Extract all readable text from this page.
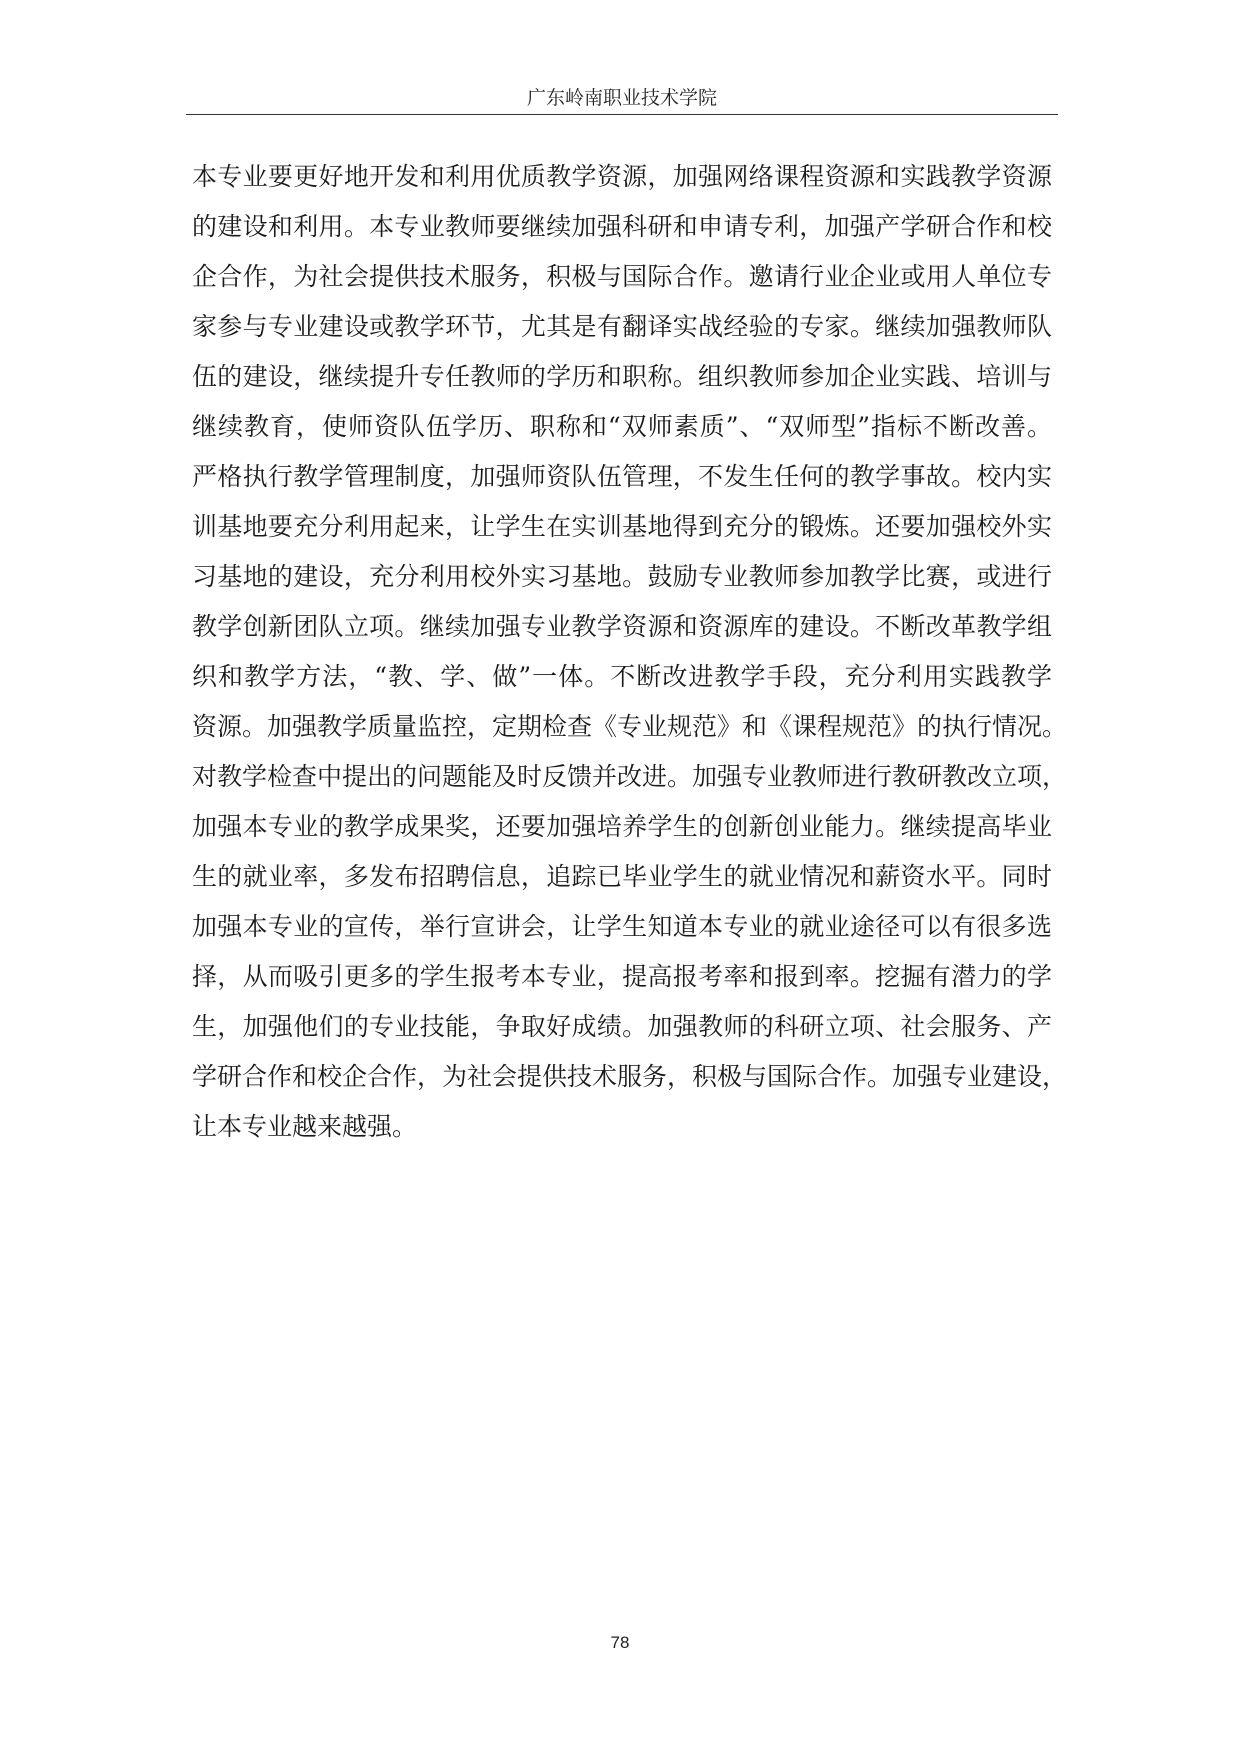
广东岭南职业技术学院
本专业要更好地开发和利用优质教学资源，加强网络课程资源和实践教学资源
的建设和利用。本专业教师要继续加强科研和申请专利，加强产学研合作和校
企合作，为社会提供技术服务，积极与国际合作。邀请行业企业或用人单位专
家参与专业建设或教学环节，尤其是有翻译实战经验的专家。继续加强教师队
伍的建设，继续提升专任教师的学历和职称。组织教师参加企业实践、培训与
继续教育，使师资队伍学历、职称和“双师素质”、“双师型”指标不断改善。
严格执行教学管理制度，加强师资队伍管理，不发生任何的教学事故。校内实
训基地要充分利用起来，让学生在实训基地得到充分的锻炼。还要加强校外实
习基地的建设，充分利用校外实习基地。鼓励专业教师参加教学比赛，或进行
教学创新团队立项。继续加强专业教学资源和资源库的建设。不断改革教学组
织和教学方法，“教、学、做”一体。不断改进教学手段，充分利用实践教学
资源。加强教学质量监控，定期检查《专业规范》和《课程规范》的执行情况。
对教学检查中提出的问题能及时反馈并改进。加强专业教师进行教研教改立项，
加强本专业的教学成果奖，还要加强培养学生的创新创业能力。继续提高毕业
生的就业率，多发布招聘信息，追踪已毕业学生的就业情况和薪资水平。同时
加强本专业的宣传，举行宣讲会，让学生知道本专业的就业途径可以有很多选
择，从而吸引更多的学生报考本专业，提高报考率和报到率。挖掘有潜力的学
生，加强他们的专业技能，争取好成绩。加强教师的科研立项、社会服务、产
学研合作和校企合作，为社会提供技术服务，积极与国际合作。加强专业建设，
让本专业越来越强。
78
